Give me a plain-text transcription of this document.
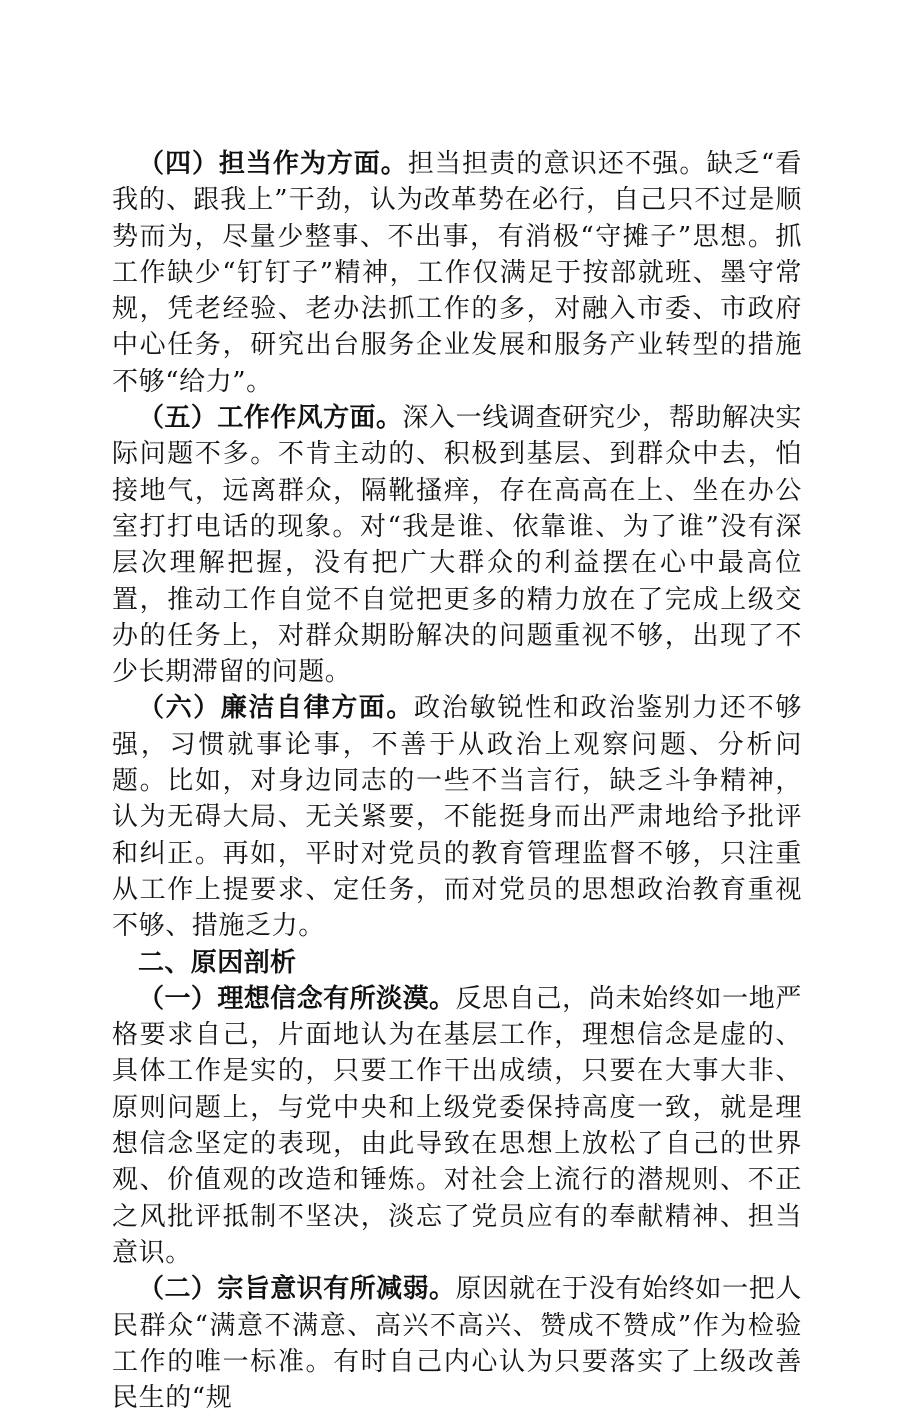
（四）担当作为方面。担当担责的意识还不强。缺乏“看我的、跟我上”干劲，认为改革势在必行，自己只不过是顺势而为，尽量少整事、不出事，有消极“守摊子”思想。抓工作缺少“钉钉子”精神，工作仅满足于按部就班、墨守常规，凭老经验、老办法抓工作的多，对融入市委、市政府中心任务，研究出台服务企业发展和服务产业转型的措施不够“给力”。

（五）工作作风方面。深入一线调查研究少，帮助解决实际问题不多。不肯主动的、积极到基层、到群众中去，怕接地气，远离群众，隔靴搔痒，存在高高在上、坐在办公室打打电话的现象。对“我是谁、依靠谁、为了谁”没有深层次理解把握，没有把广大群众的利益摆在心中最高位置，推动工作自觉不自觉把更多的精力放在了完成上级交办的任务上，对群众期盼解决的问题重视不够，出现了不少长期滞留的问题。

（六）廉洁自律方面。政治敏锐性和政治鉴别力还不够强，习惯就事论事，不善于从政治上观察问题、分析问题。比如，对身边同志的一些不当言行，缺乏斗争精神，认为无碍大局、无关紧要，不能挺身而出严肃地给予批评和纠正。再如，平时对党员的教育管理监督不够，只注重从工作上提要求、定任务，而对党员的思想政治教育重视不够、措施乏力。

二、原因剖析

（一）理想信念有所淡漠。反思自己，尚未始终如一地严格要求自己，片面地认为在基层工作，理想信念是虚的、具体工作是实的，只要工作干出成绩，只要在大事大非、原则问题上，与党中央和上级党委保持高度一致，就是理想信念坚定的表现，由此导致在思想上放松了自己的世界观、价值观的改造和锤炼。对社会上流行的潜规则、不正之风批评抵制不坚决，淡忘了党员应有的奉献精神、担当意识。

（二）宗旨意识有所减弱。原因就在于没有始终如一把人民群众“满意不满意、高兴不高兴、赞成不赞成”作为检验工作的唯一标准。有时自己内心认为只要落实了上级改善民生的“规
